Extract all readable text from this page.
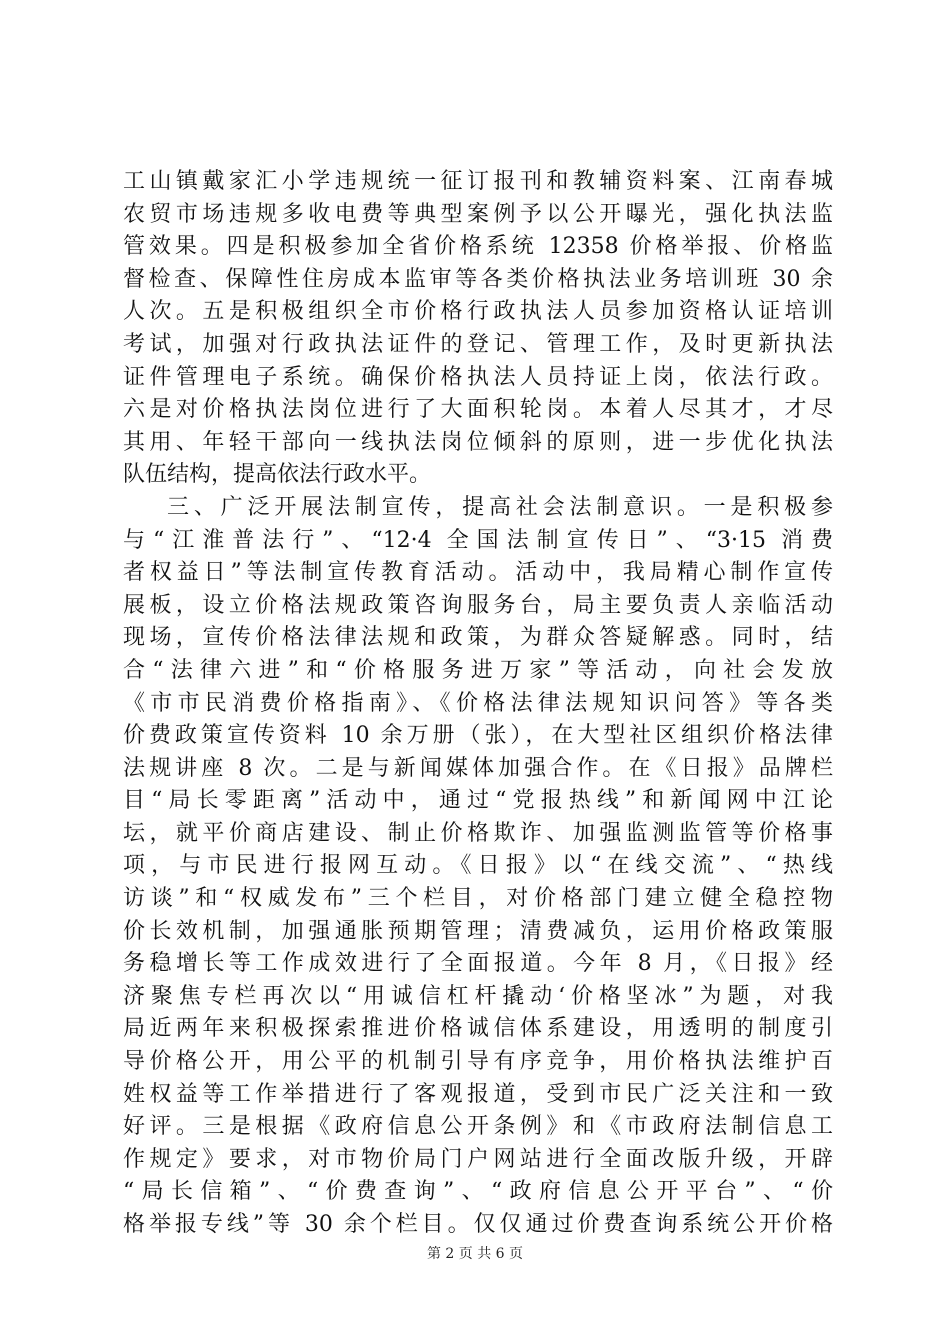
工山镇戴家汇小学违规统一征订报刊和教辅资料案、江南春城
农贸市场违规多收电费等典型案例予以公开曝光，强化执法监
管效果。四是积极参加全省价格系统 12358 价格举报、价格监
督检查、保障性住房成本监审等各类价格执法业务培训班 30 余
人次。五是积极组织全市价格行政执法人员参加资格认证培训
考试，加强对行政执法证件的登记、管理工作，及时更新执法
证件管理电子系统。确保价格执法人员持证上岗，依法行政。
六是对价格执法岗位进行了大面积轮岗。本着人尽其才，才尽
其用、年轻干部向一线执法岗位倾斜的原则，进一步优化执法
队伍结构，提高依法行政水平。
三、广泛开展法制宣传，提高社会法制意识。一是积极参
与“江淮普法行”、“12·4 全国法制宣传日”、“3·15 消费
者权益日”等法制宣传教育活动。活动中，我局精心制作宣传
展板，设立价格法规政策咨询服务台，局主要负责人亲临活动
现场，宣传价格法律法规和政策，为群众答疑解惑。同时，结
合“法律六进”和“价格服务进万家”等活动，向社会发放
《市市民消费价格指南》、《价格法律法规知识问答》等各类
价费政策宣传资料 10 余万册（张），在大型社区组织价格法律
法规讲座 8 次。二是与新闻媒体加强合作。在《日报》品牌栏
目“局长零距离”活动中，通过“党报热线”和新闻网中江论
坛，就平价商店建设、制止价格欺诈、加强监测监管等价格事
项，与市民进行报网互动。《日报》以“在线交流”、“热线
访谈”和“权威发布”三个栏目，对价格部门建立健全稳控物
价长效机制，加强通胀预期管理；清费减负，运用价格政策服
务稳增长等工作成效进行了全面报道。今年 8 月，《日报》经
济聚焦专栏再次以“用诚信杠杆撬动‘价格坚冰”为题，对我
局近两年来积极探索推进价格诚信体系建设，用透明的制度引
导价格公开，用公平的机制引导有序竞争，用价格执法维护百
姓权益等工作举措进行了客观报道，受到市民广泛关注和一致
好评。三是根据《政府信息公开条例》和《市政府法制信息工
作规定》要求，对市物价局门户网站进行全面改版升级，开辟
“局长信箱”、“价费查询”、“政府信息公开平台”、“价
格举报专线”等 30 余个栏目。仅仅通过价费查询系统公开价格
第 2 页 共 6 页
